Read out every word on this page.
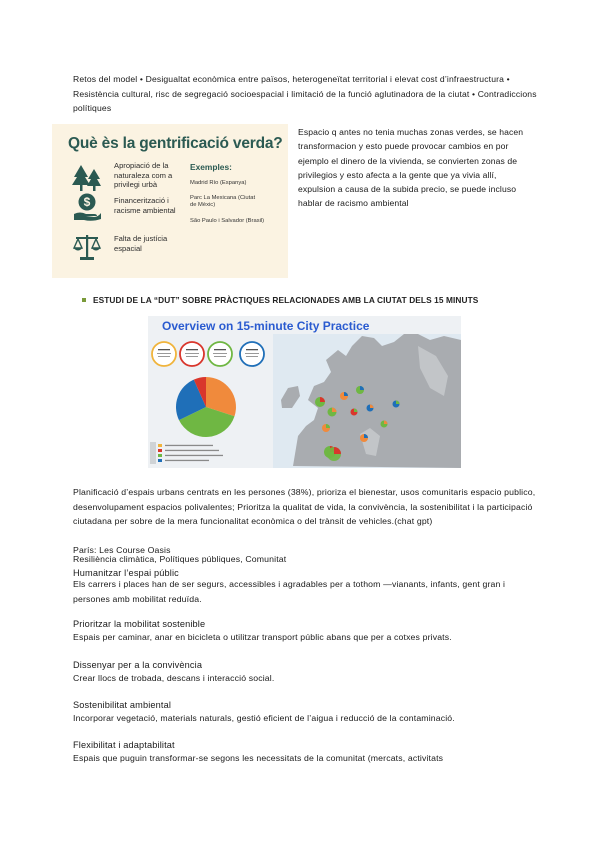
Retos del model • Desigualtat econòmica entre països, heterogeneïtat territorial i elevat cost d’infraestructura • Resistència cultural, risc de segregació socioespacial i limitació de la funció aglutinadora de la ciutat • Contradiccions polítiques
Què ès la gentrificació verda?
Apropiació de la naturaleza com a privilegi urbà
$	Financerització i racisme ambiental
Falta de justícia espacial
Exemples:
Madrid Río (Espanya)
Parc La Mexicana (Ciutat de Mèxic)
São Paulo i Salvador (Brasil)
Espacio q antes no tenia muchas zonas verdes, se hacen transformacion y esto puede provocar cambios en por ejemplo el dinero de la vivienda, se convierten zonas de privilegios y esto afecta a la gente que ya vivia allí, expulsion a causa de la subida precio, se puede incluso hablar de racismo ambiental
ESTUDI DE LA “DUT” SOBRE PRÀCTIQUES RELACIONADES AMB LA CIUTAT DELS 15 MINUTS
Overview on 15-minute City Practice
Planificació d’espais urbans centrats en les persones (38%), prioriza el bienestar, usos comunitaris espacio publico, desenvolupament espacios polivalentes; Prioritza la qualitat de vida, la convivència, la sostenibilitat i la participació ciutadana per sobre de la mera funcionalitat econòmica o del trànsit de vehicles.(chat gpt)
París: Les Course Oasis
Resiliència climàtica, Polítiques públiques, Comunitat
Humanitzar l’espai públic
Els carrers i places han de ser segurs, accessibles i agradables per a tothom —vianants, infants, gent gran i persones amb mobilitat reduïda.
Prioritzar la mobilitat sostenible
Espais per caminar, anar en bicicleta o utilitzar transport públic abans que per a cotxes privats.
Dissenyar per a la convivència
Crear llocs de trobada, descans i interacció social.
Sostenibilitat ambiental
Incorporar vegetació, materials naturals, gestió eficient de l’aigua i reducció de la contaminació.
Flexibilitat i adaptabilitat
Espais que puguin transformar-se segons les necessitats de la comunitat (mercats, activitats
